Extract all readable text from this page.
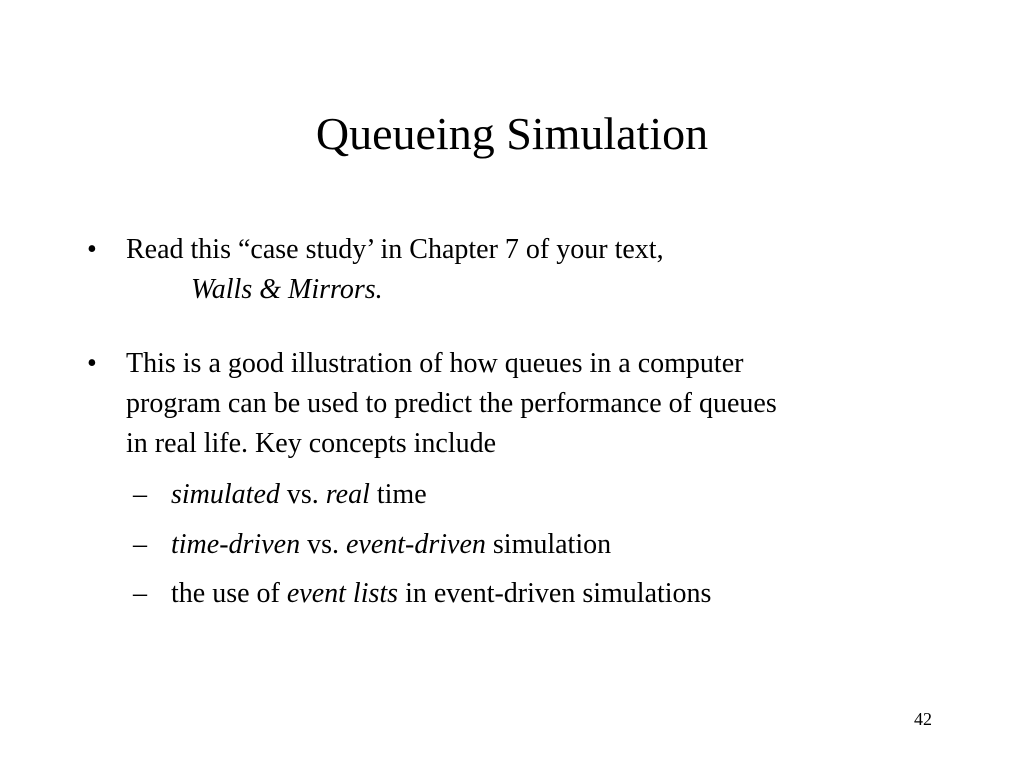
Queueing Simulation
• Read this “case study’ in Chapter 7 of your text,
Walls & Mirrors.
• This is a good illustration of how queues in a computer
program can be used to predict the performance of queues
in real life. Key concepts include
– simulated vs. real time
– time-driven vs. event-driven simulation
– the use of event lists in event-driven simulations
42
